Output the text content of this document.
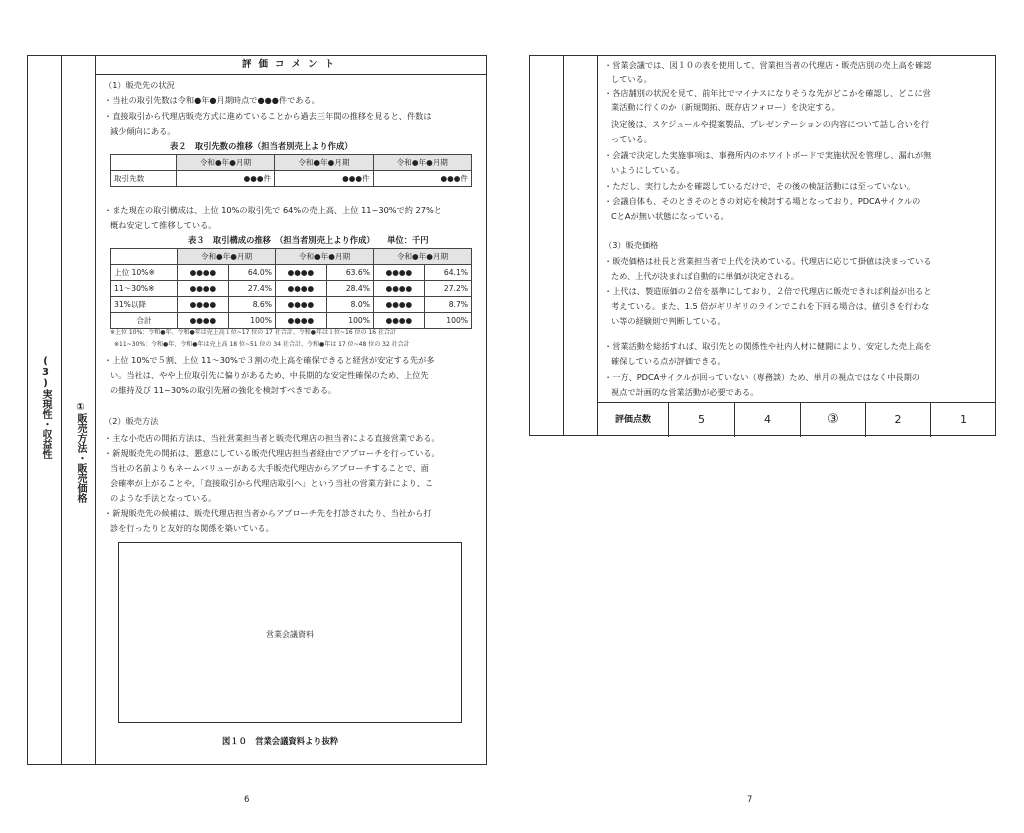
(3)実現性・収益性 ①販売方法・販売価格
評価コメント
（1）販売先の状況
・当社の取引先数は令和●年●月期時点で●●●件である。
・直接取引から代理店販売方式に進めていることから過去三年間の推移を見ると、件数は
減少傾向にある。
表２　取引先数の推移（担当者別売上より作成）
	令和●年●月期	令和●年●月期	令和●年●月期
取引先数	●●●件	●●●件	●●●件
・また現在の取引構成は、上位 10%の取引先で 64%の売上高、上位 11~30%で約 27%と
概ね安定して推移している。
表３　取引構成の推移　（担当者別売上より作成）　　単位：千円
	令和●年●月期		令和●年●月期		令和●年●月期	
上位 10%※	●●●●	64.0%	●●●●	63.6%	●●●●	64.1%
11～30%※	●●●●	27.4%	●●●●	28.4%	●●●●	27.2%
31%以降	●●●●	8.6%	●●●●	8.0%	●●●●	8.7%
合計	●●●●	100%	●●●●	100%	●●●●	100%
※上位 10%：令和●年、令和●年は売上高１位~17 位の 17 社合計、令和●年は１位~16 位の 16 社合計
※11~30%：令和●年、令和●年は売上高 18 位~51 位の 34 社合計、令和●年は 17 位~48 位の 32 社合計
・上位 10%で５割、上位 11～30%で３割の売上高を確保できると経営が安定する先が多
い。当社は、やや上位取引先に偏りがあるため、中長期的な安定性確保のため、上位先
の維持及び 11~30%の取引先層の強化を検討すべきである。
（2）販売方法
・主な小売店の開拓方法は、当社営業担当者と販売代理店の担当者による直接営業である。
・新規販売先の開拓は、懇意にしている販売代理店担当者経由でアプローチを行っている。
当社の名前よりもネームバリューがある大手販売代理店からアプローチすることで、面
会確率が上がることや、「直接取引から代理店取引へ」という当社の営業方針により、こ
のような手法となっている。
・新規販売先の候補は、販売代理店担当者からアプローチ先を打診されたり、当社から打
診を行ったりと友好的な関係を築いている。
営業会議資料
図１０　営業会議資料より抜粋
6
・営業会議では、図１０の表を使用して、営業担当者の代理店・販売店別の売上高を確認
している。
・各店舗別の状況を見て、前年比でマイナスになりそうな先がどこかを確認し、どこに営
業活動に行くのか（新規開拓、既存店フォロー）を決定する。
決定後は、スケジュールや提案製品、プレゼンテーションの内容について話し合いを行
っている。
・会議で決定した実施事項は、事務所内のホワイトボードで実施状況を管理し、漏れが無
いようにしている。
・ただし、実行したかを確認しているだけで、その後の検証活動には至っていない。
・会議自体も、そのときそのときの対応を検討する場となっており、PDCAサイクルの
CとAが無い状態になっている。
（3）販売価格
・販売価格は社長と営業担当者で上代を決めている。代理店に応じて掛値は決まっている
ため、上代が決まれば自動的に単価が決定される。
・上代は、製造原価の２倍を基準にしており、２倍で代理店に販売できれば利益が出ると
考えている。また、1.5 倍がギリギリのラインでこれを下回る場合は、値引きを行わな
い等の経験則で判断している。
・営業活動を総括すれば、取引先との関係性や社内人材に健闘により、安定した売上高を
確保している点が評価できる。
・一方、PDCAサイクルが回っていない（専務談）ため、単月の視点ではなく中長期の
視点で計画的な営業活動が必要である。
評価点数	5	4	③	2	1
7
